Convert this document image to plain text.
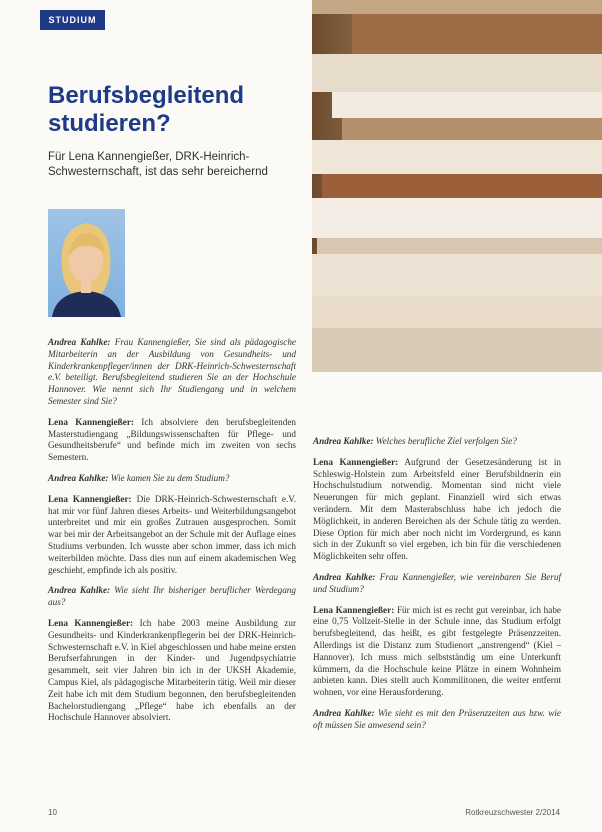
STUDIUM
Berufsbegleitend studieren?

Für Lena Kannengießer, DRK-Heinrich-Schwesternschaft, ist das sehr bereichernd

Andrea Kahlke: Frau Kannengießer, Sie sind als pädagogische Mitarbeiterin an der Ausbildung von Gesundheits- und Kinderkrankenpfleger/innen der DRK-Heinrich-Schwesternschaft e.V. beteiligt. Berufsbegleitend studieren Sie an der Hochschule Hannover. Wie nennt sich Ihr Studiengang und in welchem Semester sind Sie?

Lena Kannengießer: Ich absolviere den berufsbegleitenden Masterstudiengang „Bildungswissenschaften für Pflege- und Gesundheitsberufe“ und befinde mich im zweiten von sechs Semestern.

Andrea Kahlke: Wie kamen Sie zu dem Studium?

Lena Kannengießer: Die DRK-Heinrich-Schwesternschaft e.V. hat mir vor fünf Jahren dieses Arbeits- und Weiterbildungsangebot unterbreitet und mir ein großes Zutrauen ausgesprochen. Somit war bei mir der Arbeitsangebot an der Schule mit der Auflage eines Studiums verbunden. Ich wusste aber schon immer, dass ich mich weiterbilden möchte. Dass dies nun auf einem akademischen Weg geschieht, empfinde ich als positiv.

Andrea Kahlke: Wie sieht Ihr bisheriger beruflicher Werdegang aus?

Lena Kannengießer: Ich habe 2003 meine Ausbildung zur Gesundheits- und Kinderkrankenpflegerin bei der DRK-Heinrich-Schwesternschaft e.V. in Kiel abgeschlossen und habe meine ersten Berufserfahrungen in der Kinder- und Jugendpsychiatrie gesammelt, seit vier Jahren bin ich in der UKSH Akademie, Campus Kiel, als pädagogische Mitarbeiterin tätig. Weil mir dieser Zeit habe ich mit dem Studium begonnen, den berufsbegleitenden Bachelorstudiengang „Pflege“ habe ich ebenfalls an der Hochschule Hannover absolviert.

Andrea Kahlke: Welches berufliche Ziel verfolgen Sie?

Lena Kannengießer: Aufgrund der Gesetzesänderung ist in Schleswig-Holstein zum Arbeitsfeld einer Berufsbildnerin ein Hochschulstudium notwendig. Momentan sind nicht viele Neuerungen für mich geplant. Finanziell wird sich etwas verändern. Mit dem Masterabschluss habe ich jedoch die Möglichkeit, in anderen Bereichen als der Schule tätig zu werden. Diese Option für mich aber noch nicht im Vordergrund, es kann sich in der Zukunft so viel ergeben, ich bin für die verschiedenen Möglichkeiten sehr offen.

Andrea Kahlke: Frau Kannengießer, wie vereinbaren Sie Beruf und Studium?

Lena Kannengießer: Für mich ist es recht gut vereinbar, ich habe eine 0,75 Vollzeit-Stelle in der Schule inne, das Studium erfolgt berufsbegleitend, das heißt, es gibt festgelegte Präsenzzeiten. Allerdings ist die Distanz zum Studienort „anstrengend“ (Kiel – Hannover). Ich muss mich selbstständig um eine Unterkunft kümmern, da die Hochschule keine Plätze in einem Wohnheim anbieten kann. Dies stellt auch Kommilitonen, die weiter entfernt wohnen, vor eine Herausforderung.

Andrea Kahlke: Wie sieht es mit den Präsenzzeiten aus bzw. wie oft müssen Sie anwesend sein?

10	Rotkreuzschwester 2/2014
